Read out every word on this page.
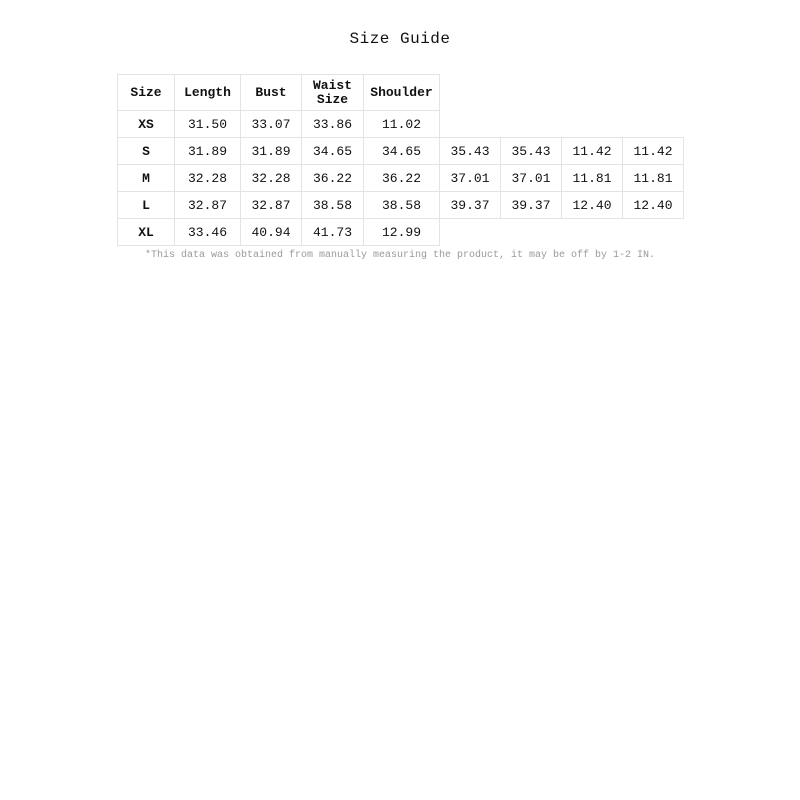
Size Guide
Size	Length	Bust	Waist Size	Shoulder				
XS	31.50	33.07	33.86	11.02				
S	31.89	31.89	34.65	34.65	35.43	35.43	11.42	11.42
M	32.28	32.28	36.22	36.22	37.01	37.01	11.81	11.81
L	32.87	32.87	38.58	38.58	39.37	39.37	12.40	12.40
XL	33.46	40.94	41.73	12.99				
*This data was obtained from manually measuring the product, it may be off by 1-2 IN.
